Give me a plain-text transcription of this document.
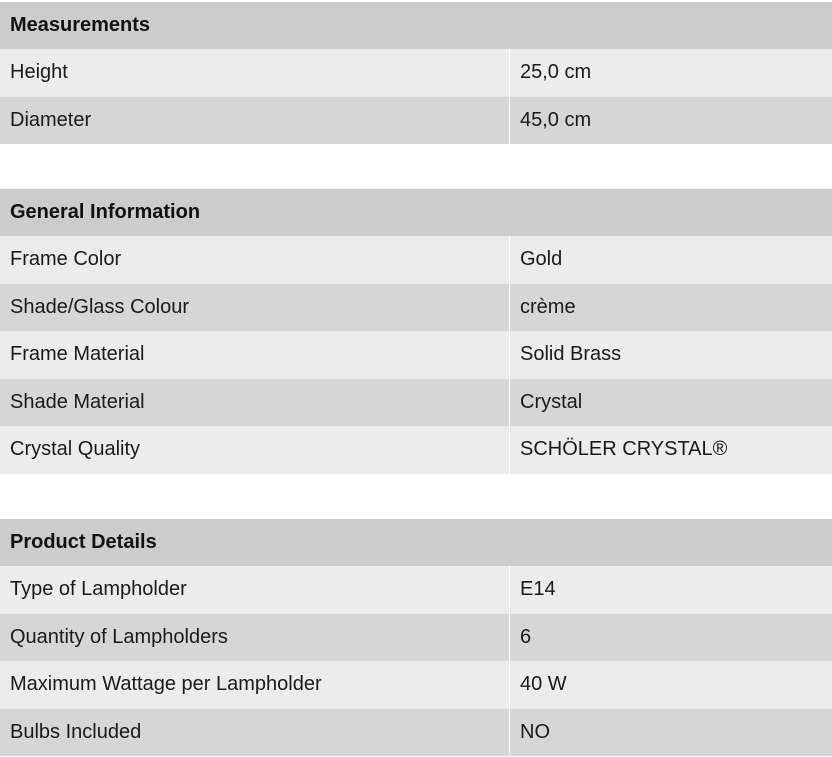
Measurements
Height	25,0 cm
Diameter	45,0 cm
General Information
Frame Color	Gold
Shade/Glass Colour	crème
Frame Material	Solid Brass
Shade Material	Crystal
Crystal Quality	SCHÖLER CRYSTAL®
Product Details
Type of Lampholder	E14
Quantity of Lampholders	6
Maximum Wattage per Lampholder	40 W
Bulbs Included	NO
